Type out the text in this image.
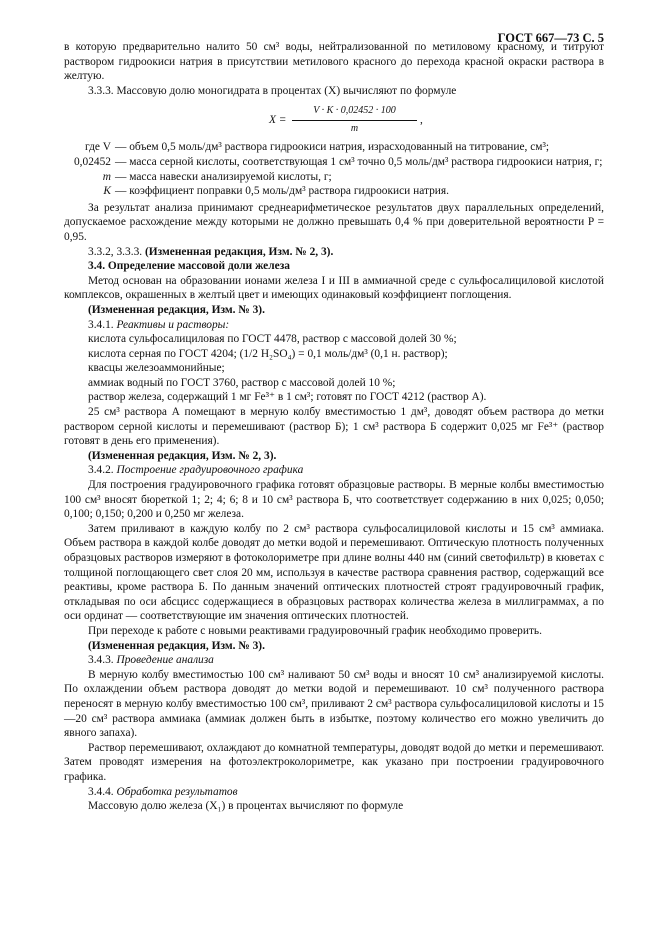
ГОСТ 667—73 С. 5

в которую предварительно налито 50 см³ воды, нейтрализованной по метиловому красному, и титруют раствором гидроокиси натрия в присутствии метилового красного до перехода красной окраски раствора в желтую.

3.3.3. Массовую долю моногидрата в процентах (X) вычисляют по формуле

$X = \frac{V \cdot K \cdot 0,02452 \cdot 100}{m}$ ,
где V — объем 0,5 моль/дм³ раствора гидроокиси натрия, израсходованный на титрование, см³;
0,02452 — масса серной кислоты, соответствующая 1 см³ точно 0,5 моль/дм³ раствора гидроокиси натрия, г;
m — масса навески анализируемой кислоты, г;
K — коэффициент поправки 0,5 моль/дм³ раствора гидроокиси натрия.

За результат анализа принимают среднеарифметическое результатов двух параллельных определений, допускаемое расхождение между которыми не должно превышать 0,4 % при доверительной вероятности P = 0,95.

3.3.2, 3.3.3. (Измененная редакция, Изм. № 2, 3).

3.4. Определение массовой доли железа

Метод основан на образовании ионами железа I и III в аммиачной среде с сульфосалициловой кислотой комплексов, окрашенных в желтый цвет и имеющих одинаковый коэффициент поглощения.

(Измененная редакция, Изм. № 3).

3.4.1. Реактивы и растворы:

кислота сульфосалициловая по ГОСТ 4478, раствор с массовой долей 30 %;

кислота серная по ГОСТ 4204; (1/2 H₂SO₄) = 0,1 моль/дм³ (0,1 н. раствор);

квасцы железоаммонийные;

аммиак водный по ГОСТ 3760, раствор с массовой долей 10 %;

раствор железа, содержащий 1 мг Fe³⁺ в 1 см³; готовят по ГОСТ 4212 (раствор А).

25 см³ раствора А помещают в мерную колбу вместимостью 1 дм³, доводят объем раствора до метки раствором серной кислоты и перемешивают (раствор Б); 1 см³ раствора Б содержит 0,025 мг Fe³⁺ (раствор готовят в день его применения).

(Измененная редакция, Изм. № 2, 3).

3.4.2. Построение градуировочного графика

Для построения градуировочного графика готовят образцовые растворы. В мерные колбы вместимостью 100 см³ вносят бюреткой 1; 2; 4; 6; 8 и 10 см³ раствора Б, что соответствует содержанию в них 0,025; 0,050; 0,100; 0,150; 0,200 и 0,250 мг железа.

Затем приливают в каждую колбу по 2 см³ раствора сульфосалициловой кислоты и 15 см³ аммиака. Объем раствора в каждой колбе доводят до метки водой и перемешивают. Оптическую плотность полученных образцовых растворов измеряют в фотоколориметре при длине волны 440 нм (синий светофильтр) в кюветах с толщиной поглощающего свет слоя 20 мм, используя в качестве раствора сравнения раствор, содержащий все реактивы, кроме раствора Б. По данным значений оптических плотностей строят градуировочный график, откладывая по оси абсцисс содержащиеся в образцовых растворах количества железа в миллиграммах, а по оси ординат — соответствующие им значения оптических плотностей.

При переходе к работе с новыми реактивами градуировочный график необходимо проверить.

(Измененная редакция, Изм. № 3).

3.4.3. Проведение анализа

В мерную колбу вместимостью 100 см³ наливают 50 см³ воды и вносят 10 см³ анализируемой кислоты. По охлаждении объем раствора доводят до метки водой и перемешивают. 10 см³ полученного раствора переносят в мерную колбу вместимостью 100 см³, приливают 2 см³ раствора сульфосалициловой кислоты и 15—20 см³ раствора аммиака (аммиак должен быть в избытке, поэтому количество его можно увеличить до явного запаха).

Раствор перемешивают, охлаждают до комнатной температуры, доводят водой до метки и перемешивают. Затем проводят измерения на фотоэлектроколориметре, как указано при построении градуировочного графика.

3.4.4. Обработка результатов

Массовую долю железа (X₁) в процентах вычисляют по формуле
